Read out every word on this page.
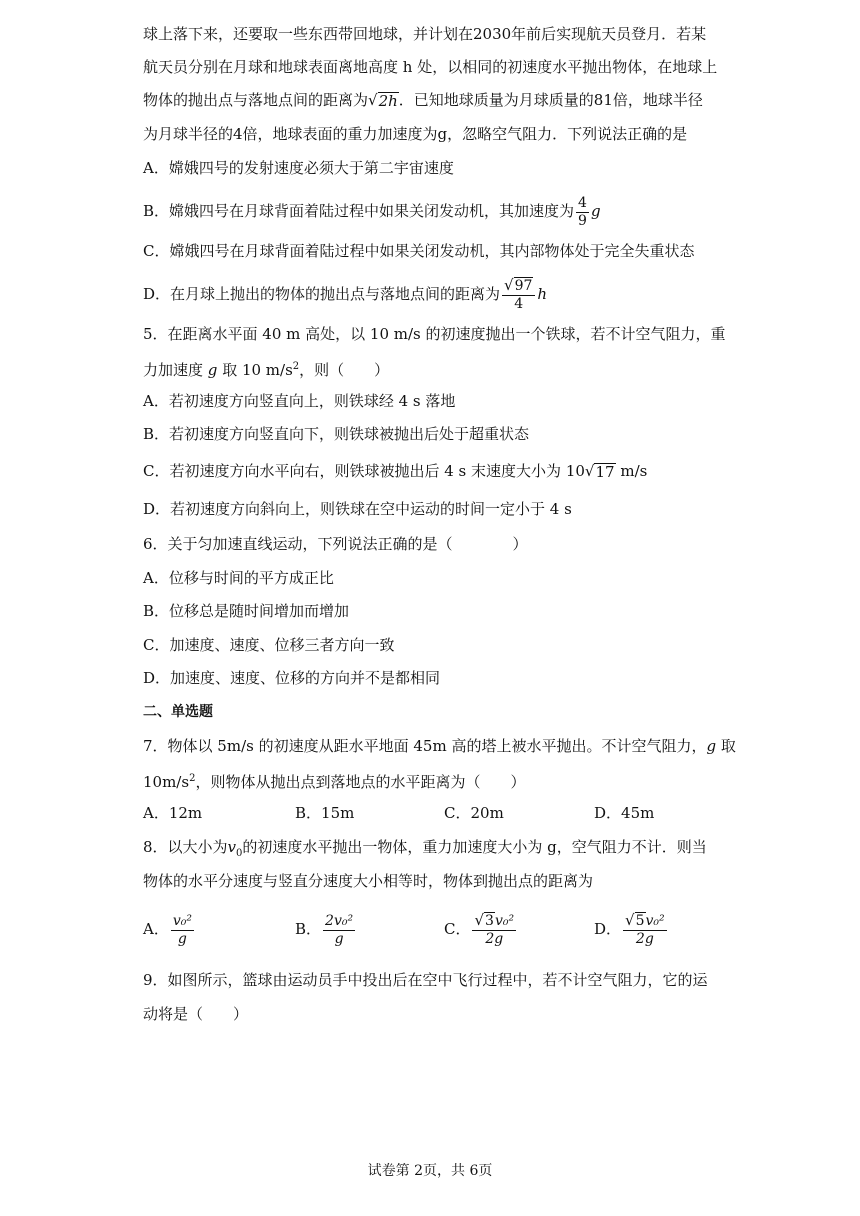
球上落下来，还要取一些东西带回地球，并计划在2030年前后实现航天员登月．若某
航天员分别在月球和地球表面离地高度 h 处，以相同的初速度水平抛出物体，在地球上
物体的抛出点与落地点间的距离为 √ 2h ．已知地球质量为月球质量的81倍，地球半径
为月球半径的4倍，地球表面的重力加速度为g，忽略空气阻力．下列说法正确的是
A．嫦娥四号的发射速度必须大于第二宇宙速度
B．嫦娥四号在月球背面着陆过程中如果关闭发动机，其加速度为 $\frac{4}{9}$ g
C．嫦娥四号在月球背面着陆过程中如果关闭发动机，其内部物体处于完全失重状态
D．在月球上抛出的物体的抛出点与落地点间的距离为 $\frac{√ 97}{4}$ h
5．在距离水平面 40 m 高处，以 10 m/s 的初速度抛出一个铁球，若不计空气阻力，重
力加速度 g 取 10 $m/s^2$，则（　　）
A．若初速度方向竖直向上，则铁球经 4 s 落地
B．若初速度方向竖直向下，则铁球被抛出后处于超重状态
C．若初速度方向水平向右，则铁球被抛出后 4 s 末速度大小为 10 √ 17 m/s
D．若初速度方向斜向上，则铁球在空中运动的时间一定小于 4 s
6．关于匀加速直线运动，下列说法正确的是（　　　　）
A．位移与时间的平方成正比
B．位移总是随时间增加而增加
C．加速度、速度、位移三者方向一致
D．加速度、速度、位移的方向并不是都相同
二、单选题
7．物体以 5m/s 的初速度从距水平地面 45m 高的塔上被水平抛出。不计空气阻力，g 取
$10m/s^2$，则物体从抛出点到落地点的水平距离为（　　）
A．12m	B．15m	C．20m	D．45m
8．以大小为$v_0$的初速度水平抛出一物体，重力加速度大小为 g，空气阻力不计．则当
物体的水平分速度与竖直分速度大小相等时，物体到抛出点的距离为
A． $\frac{\text{v₀²}}{g}$	B． $\frac{\text{2v₀²}}{g}$	C． $\frac{\text{√ 3 v₀²}}{2g}$	D． $\frac{\text{√ 5 v₀²}}{2g}$
9．如图所示，篮球由运动员手中投出后在空中飞行过程中，若不计空气阻力，它的运
动将是（　　）
试卷第 2页，共 6页
